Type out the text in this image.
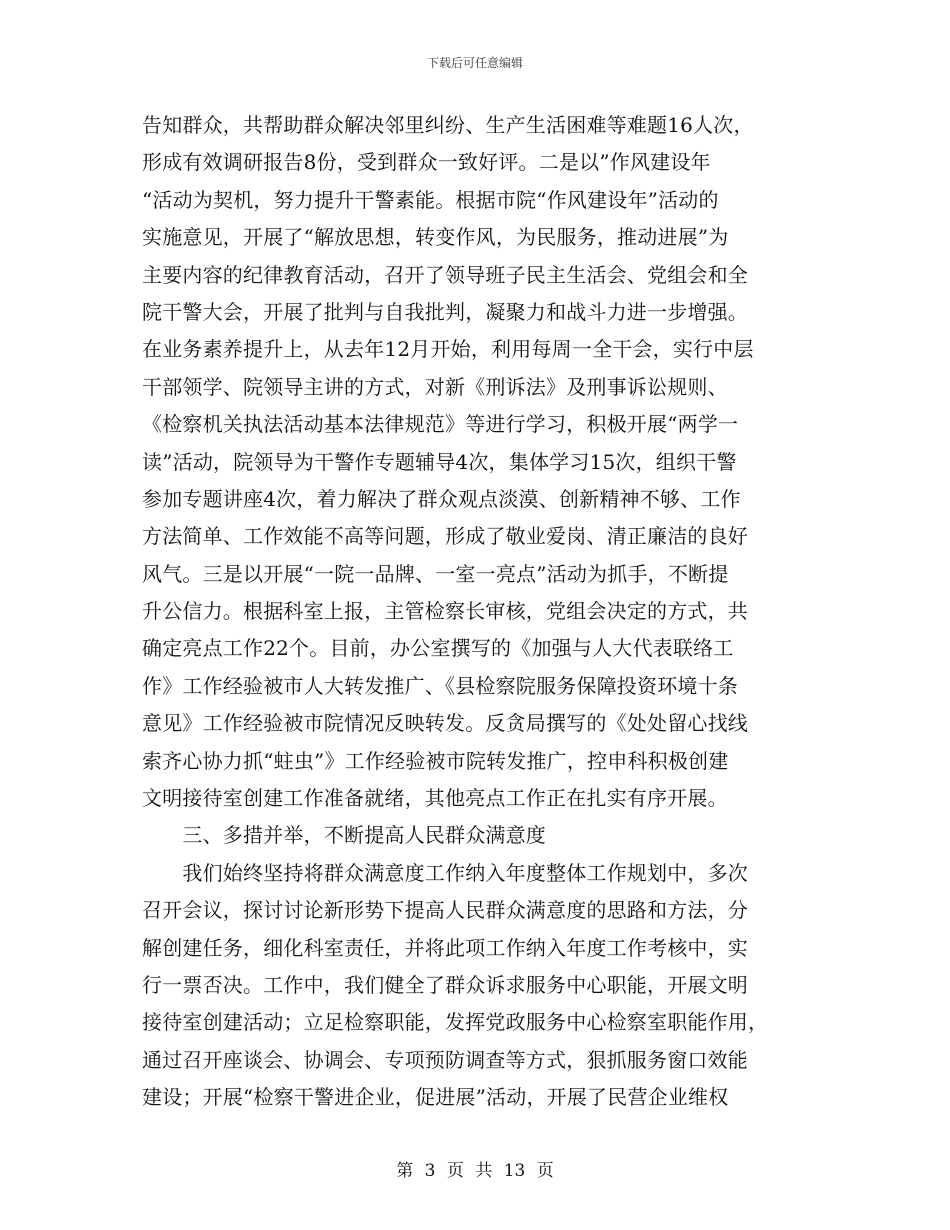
下载后可任意编辑
告知群众，共帮助群众解决邻里纠纷、生产生活困难等难题16人次，
形成有效调研报告8份，受到群众一致好评。二是以”作风建设年
“活动为契机，努力提升干警素能。根据市院“作风建设年”活动的
实施意见，开展了“解放思想，转变作风，为民服务，推动进展”为
主要内容的纪律教育活动，召开了领导班子民主生活会、党组会和全
院干警大会，开展了批判与自我批判，凝聚力和战斗力进一步增强。
在业务素养提升上，从去年12月开始，利用每周一全干会，实行中层
干部领学、院领导主讲的方式，对新《刑诉法》及刑事诉讼规则、
《检察机关执法活动基本法律规范》等进行学习，积极开展“两学一
读”活动，院领导为干警作专题辅导4次，集体学习15次，组织干警
参加专题讲座4次，着力解决了群众观点淡漠、创新精神不够、工作
方法简单、工作效能不高等问题，形成了敬业爱岗、清正廉洁的良好
风气。三是以开展“一院一品牌、一室一亮点”活动为抓手，不断提
升公信力。根据科室上报，主管检察长审核，党组会决定的方式，共
确定亮点工作22个。目前，办公室撰写的《加强与人大代表联络工
作》工作经验被市人大转发推广、《县检察院服务保障投资环境十条
意见》工作经验被市院情况反映转发。反贪局撰写的《处处留心找线
索齐心协力抓“蛀虫”》工作经验被市院转发推广，控申科积极创建
文明接待室创建工作准备就绪，其他亮点工作正在扎实有序开展。
　　三、多措并举，不断提高人民群众满意度
　　我们始终坚持将群众满意度工作纳入年度整体工作规划中，多次
召开会议，探讨讨论新形势下提高人民群众满意度的思路和方法，分
解创建任务，细化科室责任，并将此项工作纳入年度工作考核中，实
行一票否决。工作中，我们健全了群众诉求服务中心职能，开展文明
接待室创建活动；立足检察职能，发挥党政服务中心检察室职能作用，
通过召开座谈会、协调会、专项预防调查等方式，狠抓服务窗口效能
建设；开展“检察干警进企业，促进展”活动，开展了民营企业维权
第 3 页 共 13 页
